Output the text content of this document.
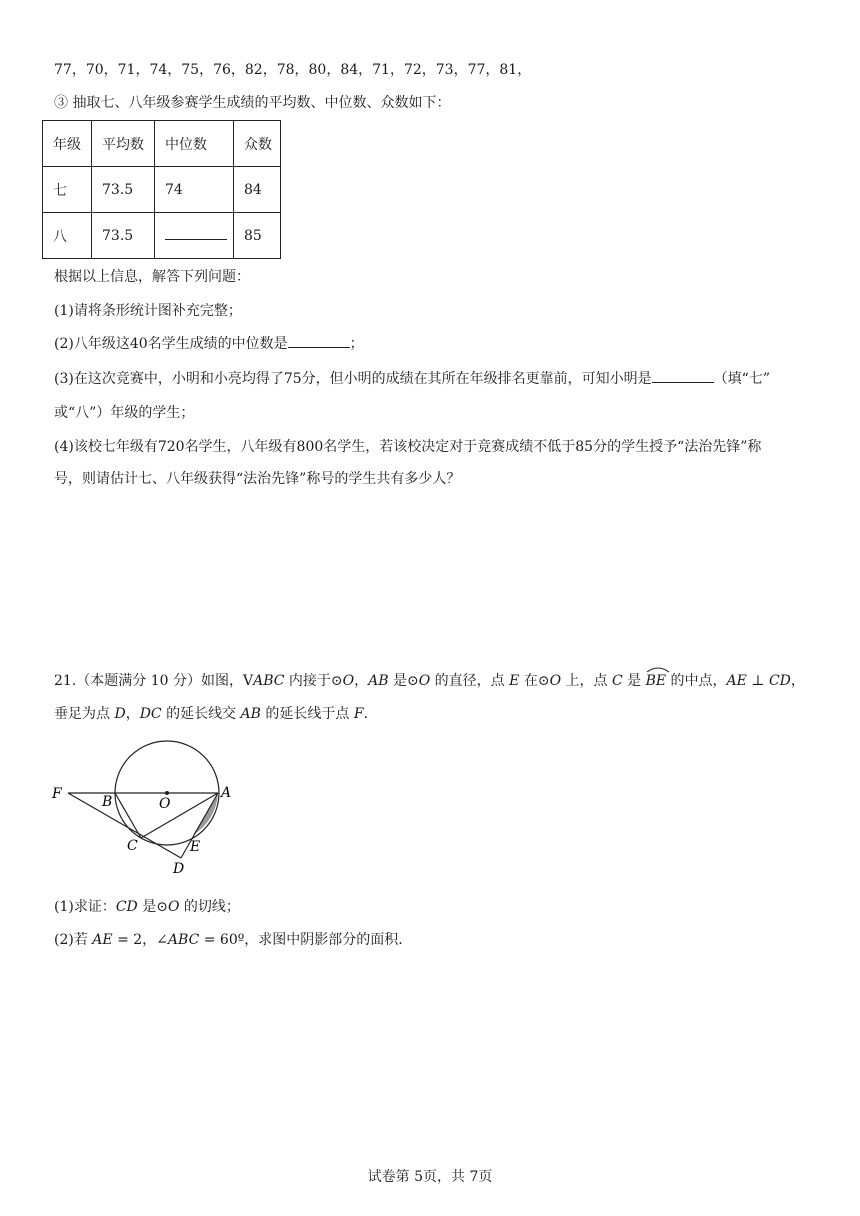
77，70，71，74，75，76，82，78，80，84，71，72，73，77，81，
③ 抽取七、八年级参赛学生成绩的平均数、中位数、众数如下：
年级	平均数	中位数	众数
七	73.5	74	84
八	73.5		85
根据以上信息，解答下列问题：
(1)请将条形统计图补充完整；
(2)八年级这40名学生成绩的中位数是	；
(3)在这次竞赛中，小明和小亮均得了75分，但小明的成绩在其所在年级排名更靠前，可知小明是	（填“七”
或“八”）年级的学生；
(4)该校七年级有720名学生，八年级有800名学生，若该校决定对于竞赛成绩不低于85分的学生授予“法治先锋”称
号，则请估计七、八年级获得“法治先锋”称号的学生共有多少人？
21.（本题满分 10 分）如图，VABC 内接于⊙O，AB 是⊙O 的直径，点 E 在⊙O 上，点 C 是
BE 的中点，AE ⊥ CD，
垂足为点 D，DC 的延长线交 AB 的延长线于点 F.
F	B	O
A
C	E
D
(1)求证：CD 是⊙O 的切线；
(2)若 AE = 2，∠ABC = 60º，求图中阴影部分的面积.
试卷第 5页，共 7页
